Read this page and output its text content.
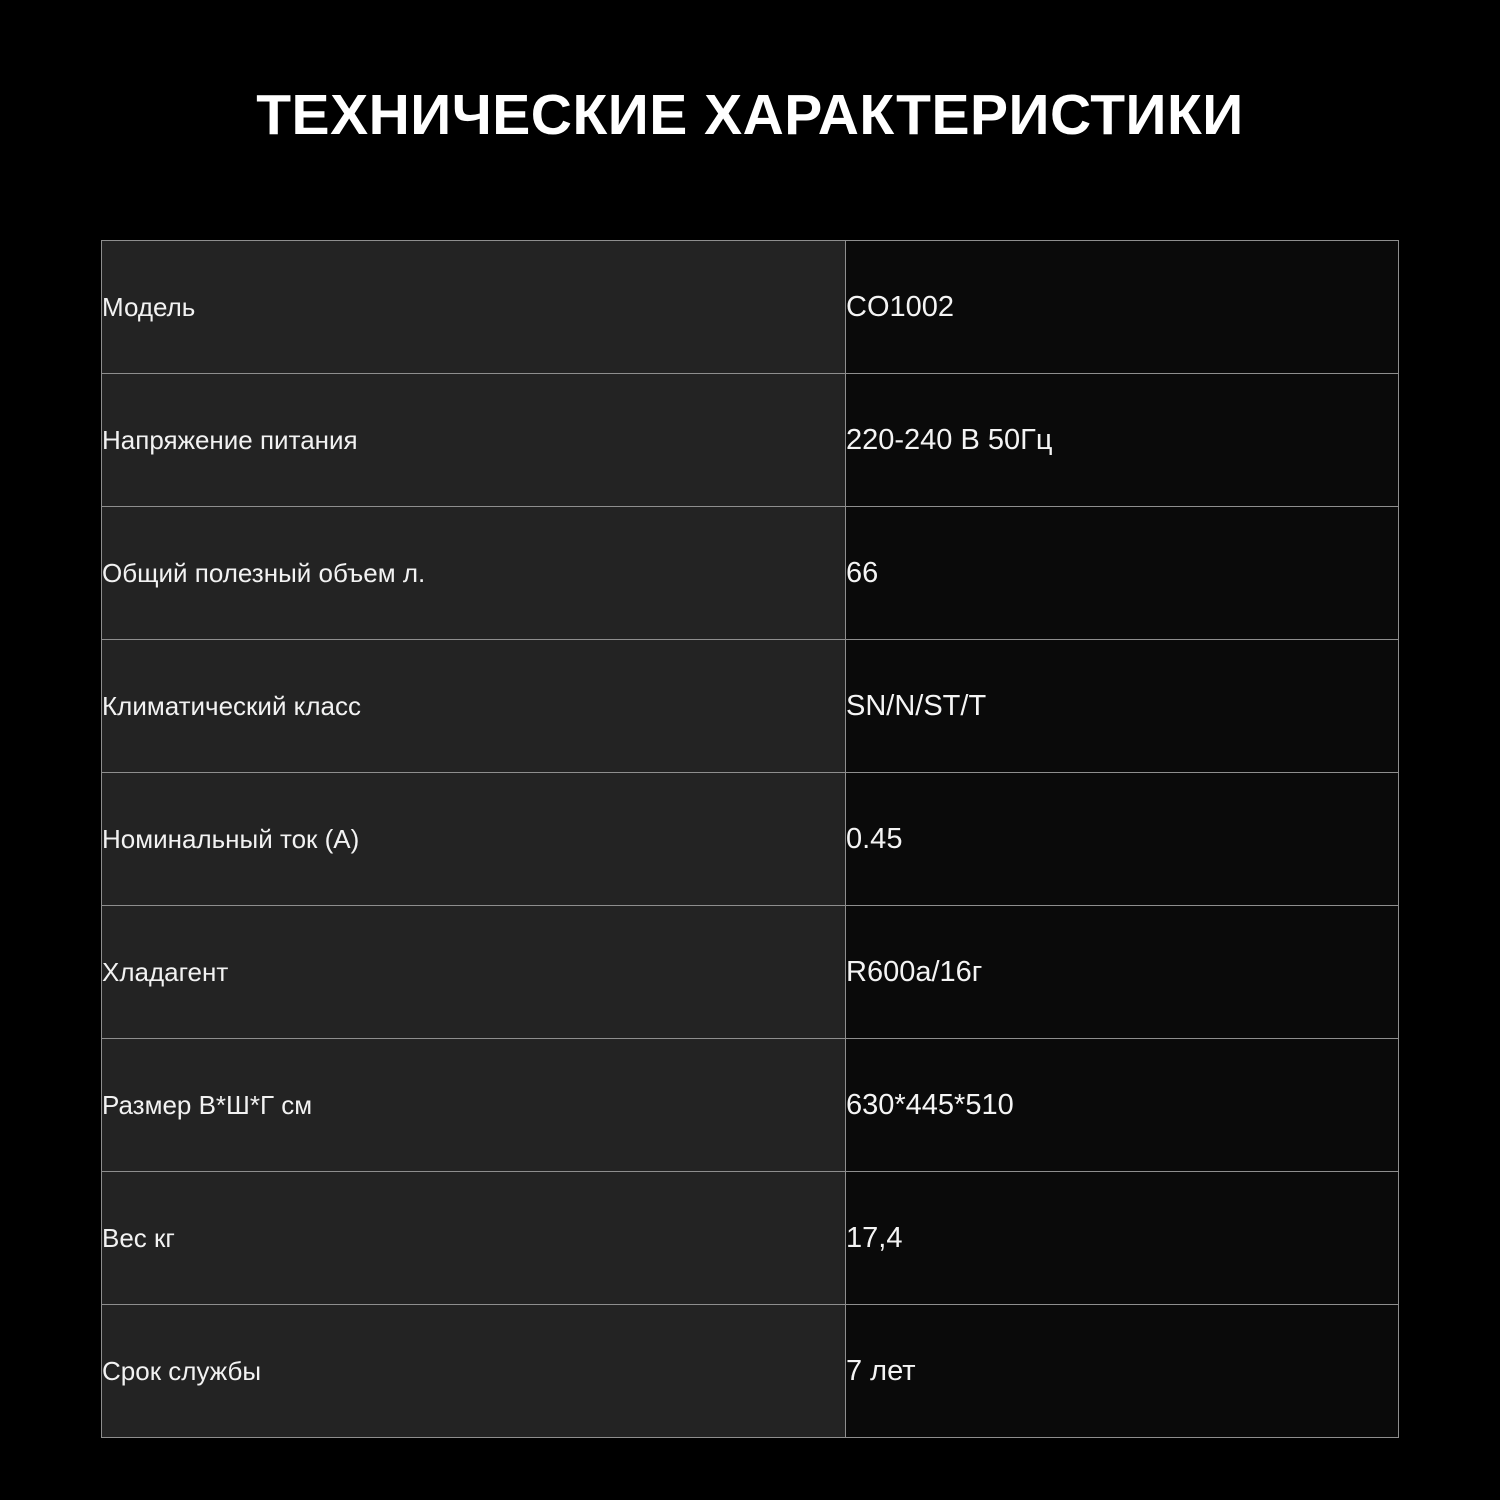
ТЕХНИЧЕСКИЕ ХАРАКТЕРИСТИКИ
Модель	CO1002
Напряжение питания	220-240 В 50Гц
Общий полезный объем л.	66
Климатический класс	SN/N/ST/T
Номинальный ток (А)	0.45
Хладагент	R600а/16г
Размер В*Ш*Г см	630*445*510
Вес кг	17,4
Срок службы	7 лет
